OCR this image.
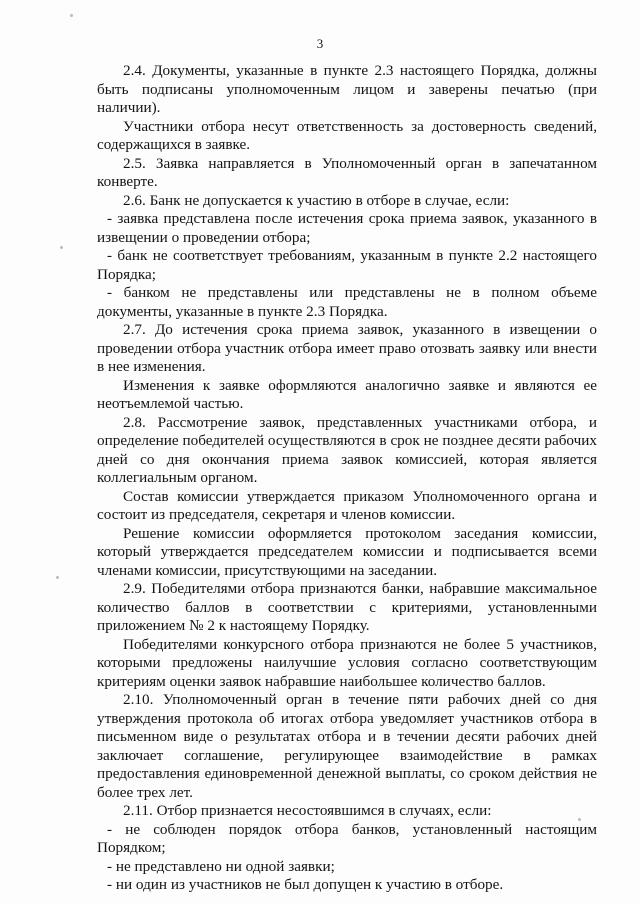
3

2.4. Документы, указанные в пункте 2.3 настоящего Порядка, должны быть подписаны уполномоченным лицом и заверены печатью (при наличии).

Участники отбора несут ответственность за достоверность сведений, содержащихся в заявке.

2.5. Заявка направляется в Уполномоченный орган в запечатанном конверте.

2.6. Банк не допускается к участию в отборе в случае, если:

- заявка представлена после истечения срока приема заявок, указанного в извещении о проведении отбора;

- банк не соответствует требованиям, указанным в пункте 2.2 настоящего Порядка;

- банком не представлены или представлены не в полном объеме документы, указанные в пункте 2.3 Порядка.

2.7. До истечения срока приема заявок, указанного в извещении о проведении отбора участник отбора имеет право отозвать заявку или внести в нее изменения.

Изменения к заявке оформляются аналогично заявке и являются ее неотъемлемой частью.

2.8. Рассмотрение заявок, представленных участниками отбора, и определение победителей осуществляются в срок не позднее десяти рабочих дней со дня окончания приема заявок комиссией, которая является коллегиальным органом.

Состав комиссии утверждается приказом Уполномоченного органа и состоит из председателя, секретаря и членов комиссии.

Решение комиссии оформляется протоколом заседания комиссии, который утверждается председателем комиссии и подписывается всеми членами комиссии, присутствующими на заседании.

2.9. Победителями отбора признаются банки, набравшие максимальное количество баллов в соответствии с критериями, установленными приложением № 2 к настоящему Порядку.

Победителями конкурсного отбора признаются не более 5 участников, которыми предложены наилучшие условия согласно соответствующим критериям оценки заявок набравшие наибольшее количество баллов.

2.10. Уполномоченный орган в течение пяти рабочих дней со дня утверждения протокола об итогах отбора уведомляет участников отбора в письменном виде о результатах отбора и в течении десяти рабочих дней заключает соглашение, регулирующее взаимодействие в рамках предоставления единовременной денежной выплаты, со сроком действия не более трех лет.

2.11. Отбор признается несостоявшимся в случаях, если:

- не соблюден порядок отбора банков, установленный настоящим Порядком;

- не представлено ни одной заявки;

- ни один из участников не был допущен к участию в отборе.
